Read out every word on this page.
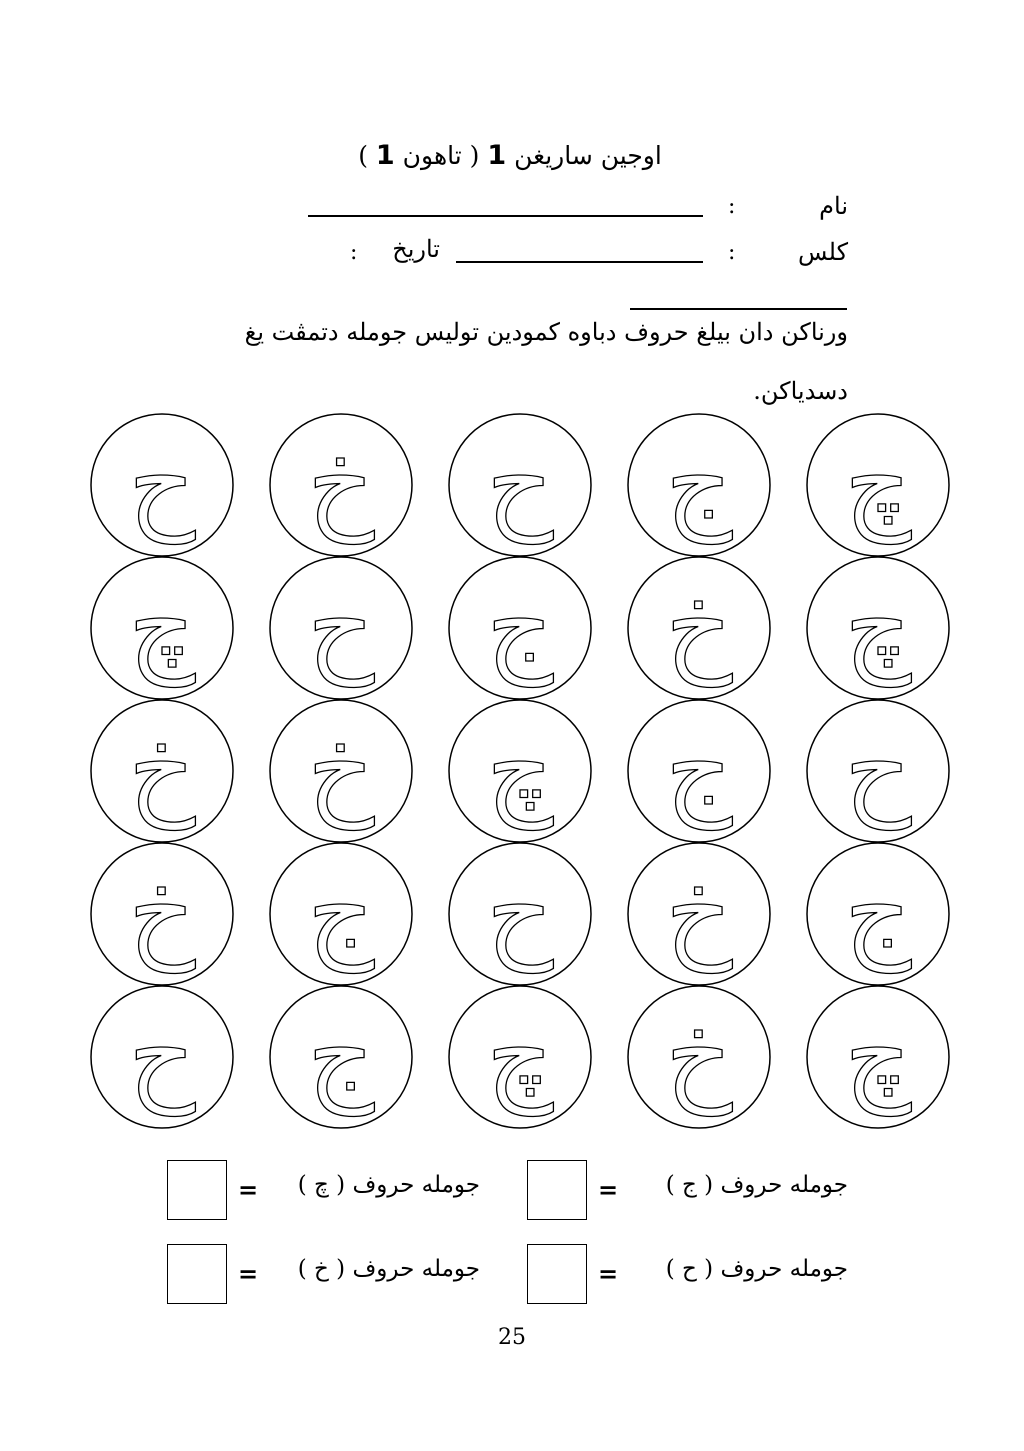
اوجين ساريغن 1 ( تاهون 1 )
نام
:
كلس
:
تاريخ
:
ورناكن دان بيلغ حروف دباوه كمودين توليس جومله دتمڤت يغ
دسدياكن.
ح خ ح ج چ
چ ح ج خ چ
خ خ چ ج ح
خ ج ح خ ج
ح ج چ خ چ
جومله حروف ( ج )
=
جومله حروف ( چ )
=
جومله حروف ( ح )
=
جومله حروف ( خ )
=
25
